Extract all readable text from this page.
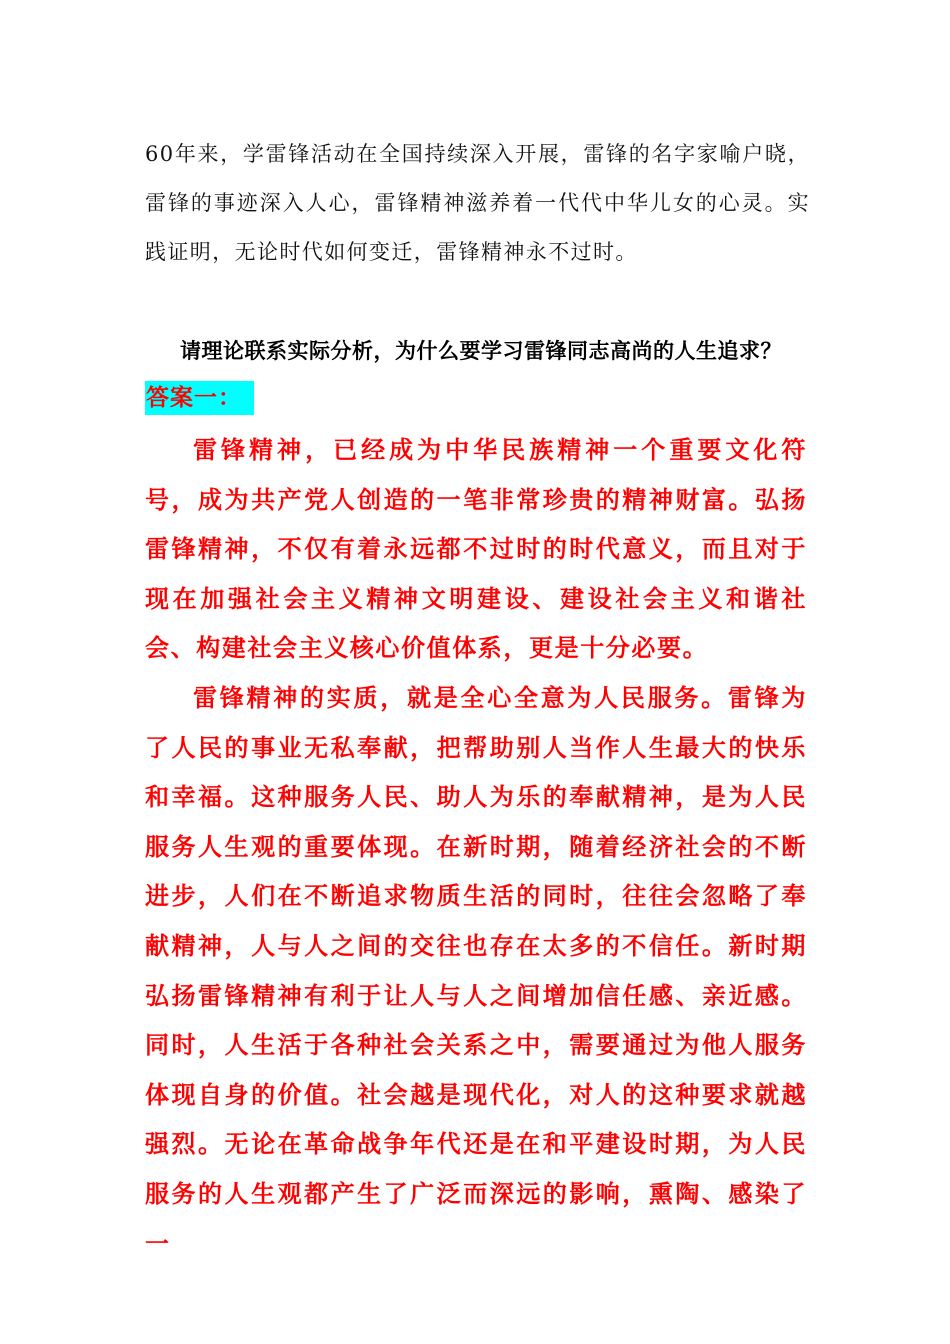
60年来，学雷锋活动在全国持续深入开展，雷锋的名字家喻户晓，雷锋的事迹深入人心，雷锋精神滋养着一代代中华儿女的心灵。实践证明，无论时代如何变迁，雷锋精神永不过时。
请理论联系实际分析，为什么要学习雷锋同志高尚的人生追求？
答案一：

雷锋精神，已经成为中华民族精神一个重要文化符号，成为共产党人创造的一笔非常珍贵的精神财富。弘扬雷锋精神，不仅有着永远都不过时的时代意义，而且对于现在加强社会主义精神文明建设、建设社会主义和谐社会、构建社会主义核心价值体系，更是十分必要。

雷锋精神的实质，就是全心全意为人民服务。雷锋为了人民的事业无私奉献，把帮助别人当作人生最大的快乐和幸福。这种服务人民、助人为乐的奉献精神，是为人民服务人生观的重要体现。在新时期，随着经济社会的不断进步，人们在不断追求物质生活的同时，往往会忽略了奉献精神，人与人之间的交往也存在太多的不信任。新时期弘扬雷锋精神有利于让人与人之间增加信任感、亲近感。同时，人生活于各种社会关系之中，需要通过为他人服务体现自身的价值。社会越是现代化，对人的这种要求就越强烈。无论在革命战争年代还是在和平建设时期，为人民服务的人生观都产生了广泛而深远的影响，熏陶、感染了一
